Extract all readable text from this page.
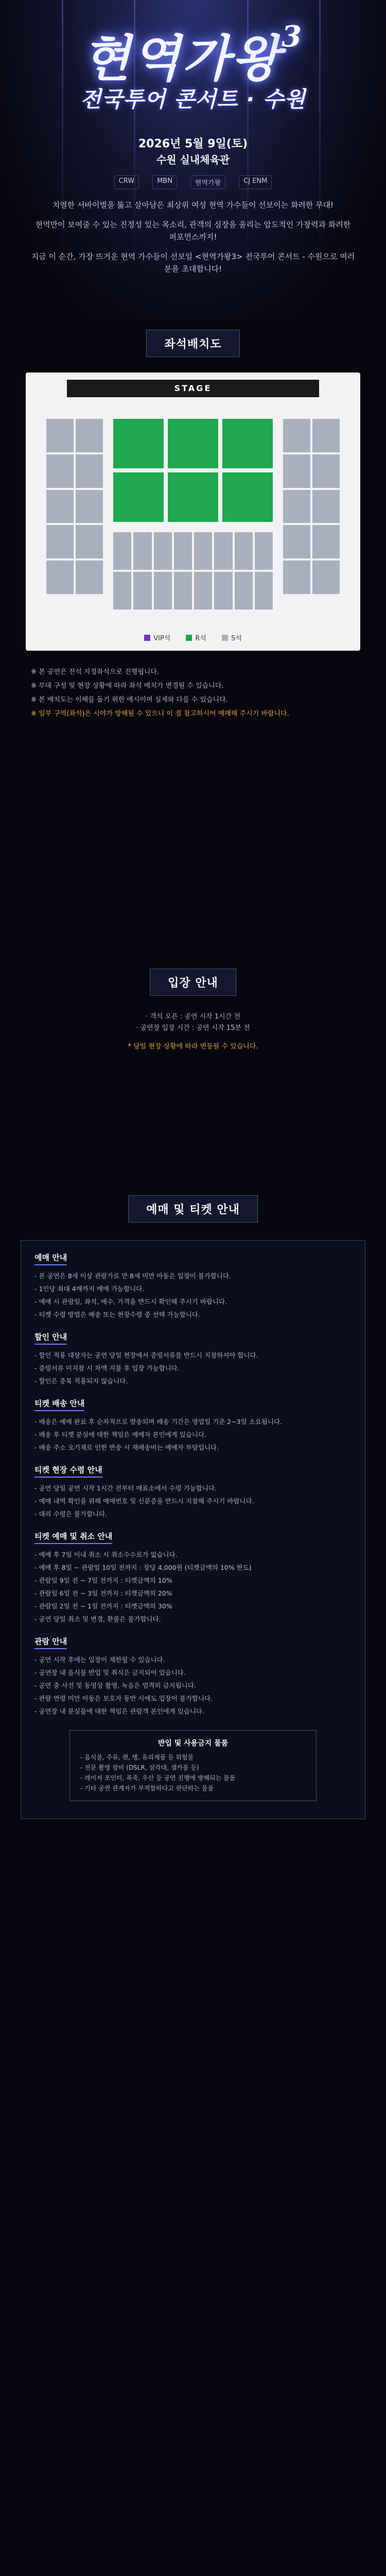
현역가왕$^3$
전국투어 콘서트 · 수원
2026년 5월 9일(토)
수원 실내체육관
CRW	MBN	현역가왕	CJ ENM

치열한 서바이벌을 뚫고 살아남은 최상위 여성 현역 가수들이 선보이는 화려한 무대!

현역만이 보여줄 수 있는 진정성 있는 목소리, 관객의 심장을 울리는 압도적인 가창력과 화려한 퍼포먼스까지!

지금 이 순간, 가장 뜨거운 현역 가수들이 선보일 <현역가왕3> 전국투어 콘서트 - 수원으로 여러분을 초대합니다!

좌석배치도
STAGE
VIP석	R석	S석

※ 본 공연은 전석 지정좌석으로 진행됩니다.

※ 무대 구성 및 현장 상황에 따라 좌석 배치가 변경될 수 있습니다.

※ 본 배치도는 이해를 돕기 위한 예시이며 실제와 다를 수 있습니다.

※ 일부 구역(좌석)은 시야가 방해될 수 있으니 이 점 참고하시어 예매해 주시기 바랍니다.

입장 안내

· 객석 오픈 : 공연 시작 1시간 전

· 공연장 입장 시간 : 공연 시작 15분 전

* 당일 현장 상황에 따라 변동될 수 있습니다.

예매 및 티켓 안내
예매 안내

- 본 공연은 8세 이상 관람가로 만 8세 미만 아동은 입장이 불가합니다.

- 1인당 최대 4매까지 예매 가능합니다.

- 예매 시 관람일, 좌석, 매수, 가격을 반드시 확인해 주시기 바랍니다.

- 티켓 수령 방법은 배송 또는 현장수령 중 선택 가능합니다.

할인 안내

- 할인 적용 대상자는 공연 당일 현장에서 증빙서류를 반드시 지참하셔야 합니다.

- 증빙서류 미지참 시 차액 지불 후 입장 가능합니다.

- 할인은 중복 적용되지 않습니다.

티켓 배송 안내

- 배송은 예매 완료 후 순차적으로 발송되며 배송 기간은 영업일 기준 2~3일 소요됩니다.

- 배송 후 티켓 분실에 대한 책임은 예매자 본인에게 있습니다.

- 배송 주소 오기재로 인한 반송 시 재배송비는 예매자 부담입니다.

티켓 현장 수령 안내

- 공연 당일 공연 시작 1시간 전부터 매표소에서 수령 가능합니다.

- 예매 내역 확인을 위해 예매번호 및 신분증을 반드시 지참해 주시기 바랍니다.

- 대리 수령은 불가합니다.

티켓 예매 및 취소 안내

- 예매 후 7일 이내 취소 시 취소수수료가 없습니다.

- 예매 후 8일 ~ 관람일 10일 전까지 : 장당 4,000원 (티켓금액의 10% 한도)

- 관람일 9일 전 ~ 7일 전까지 : 티켓금액의 10%

- 관람일 6일 전 ~ 3일 전까지 : 티켓금액의 20%

- 관람일 2일 전 ~ 1일 전까지 : 티켓금액의 30%

- 공연 당일 취소 및 변경, 환불은 불가합니다.

관람 안내

- 공연 시작 후에는 입장이 제한될 수 있습니다.

- 공연장 내 음식물 반입 및 취식은 금지되어 있습니다.

- 공연 중 사진 및 동영상 촬영, 녹음은 엄격히 금지됩니다.

- 관람 연령 미만 아동은 보호자 동반 시에도 입장이 불가합니다.

- 공연장 내 분실물에 대한 책임은 관람객 본인에게 있습니다.

반입 및 사용금지 물품

- 음식물, 주류, 캔, 병, 유리제품 등 위험물

- 전문 촬영 장비 (DSLR, 삼각대, 셀카봉 등)

- 레이저 포인터, 폭죽, 우산 등 공연 진행에 방해되는 물품

- 기타 공연 관계자가 부적합하다고 판단하는 물품
